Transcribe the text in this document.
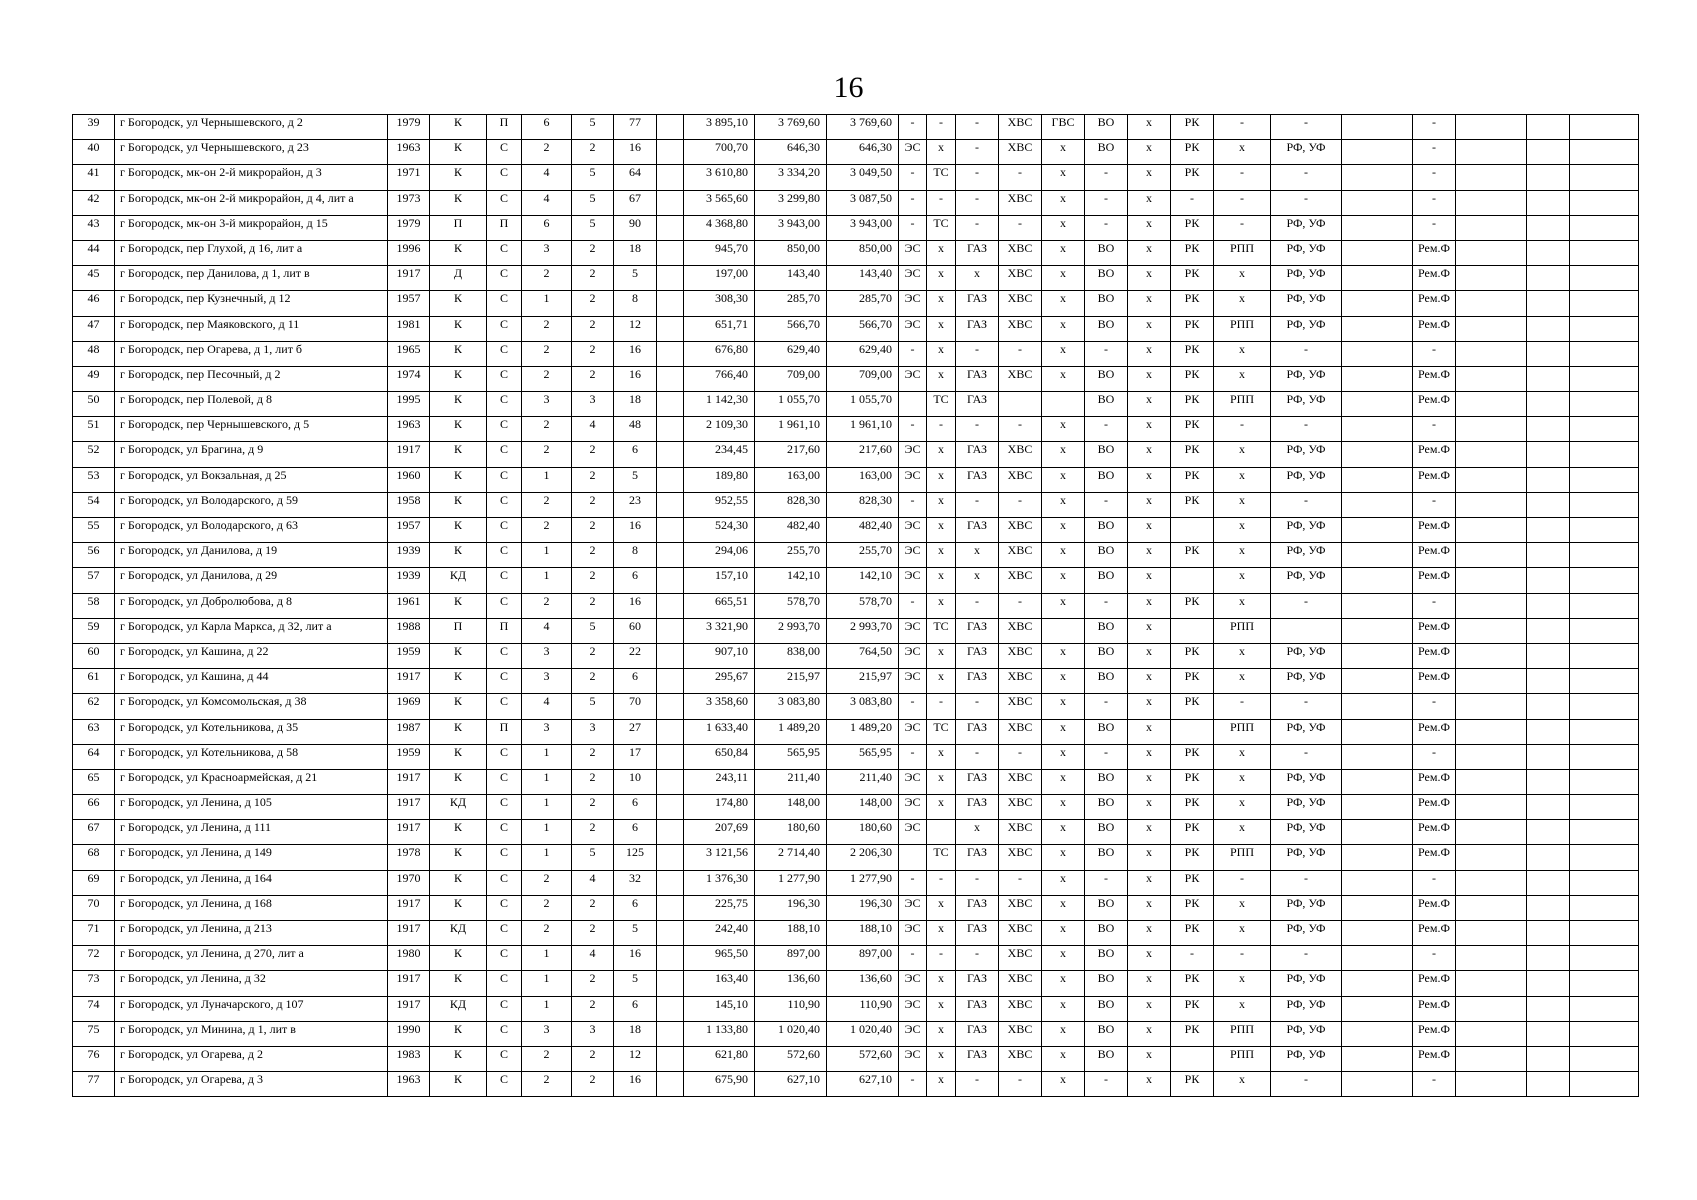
16
39	г Богородск, ул Чернышевского, д 2	1979	К	П	6	5	77		3 895,10	3 769,60	3 769,60	-	-	-	ХВС	ГВС	ВО	х	РК	-	-		-			
40	г Богородск, ул Чернышевского, д 23	1963	К	С	2	2	16		700,70	646,30	646,30	ЭС	х	-	ХВС	х	ВО	х	РК	х	РФ, УФ		-			
41	г Богородск, мк-он 2-й микрорайон, д 3	1971	К	С	4	5	64		3 610,80	3 334,20	3 049,50	-	ТС	-	-	х	-	х	РК	-	-		-			
42	г Богородск, мк-он 2-й микрорайон, д 4, лит а	1973	К	С	4	5	67		3 565,60	3 299,80	3 087,50	-	-	-	ХВС	х	-	х	-	-	-		-			
43	г Богородск, мк-он 3-й микрорайон, д 15	1979	П	П	6	5	90		4 368,80	3 943,00	3 943,00	-	ТС	-	-	х	-	х	РК	-	РФ, УФ		-			
44	г Богородск, пер Глухой, д 16, лит а	1996	К	С	3	2	18		945,70	850,00	850,00	ЭС	х	ГАЗ	ХВС	х	ВО	х	РК	РПП	РФ, УФ		Рем.Ф			
45	г Богородск, пер Данилова, д 1, лит в	1917	Д	С	2	2	5		197,00	143,40	143,40	ЭС	х	х	ХВС	х	ВО	х	РК	х	РФ, УФ		Рем.Ф			
46	г Богородск, пер Кузнечный, д 12	1957	К	С	1	2	8		308,30	285,70	285,70	ЭС	х	ГАЗ	ХВС	х	ВО	х	РК	х	РФ, УФ		Рем.Ф			
47	г Богородск, пер Маяковского, д 11	1981	К	С	2	2	12		651,71	566,70	566,70	ЭС	х	ГАЗ	ХВС	х	ВО	х	РК	РПП	РФ, УФ		Рем.Ф			
48	г Богородск, пер Огарева, д 1, лит б	1965	К	С	2	2	16		676,80	629,40	629,40	-	х	-	-	х	-	х	РК	х	-		-			
49	г Богородск, пер Песочный, д 2	1974	К	С	2	2	16		766,40	709,00	709,00	ЭС	х	ГАЗ	ХВС	х	ВО	х	РК	х	РФ, УФ		Рем.Ф			
50	г Богородск, пер Полевой, д 8	1995	К	С	3	3	18		1 142,30	1 055,70	1 055,70		ТС	ГАЗ			ВО	х	РК	РПП	РФ, УФ		Рем.Ф			
51	г Богородск, пер Чернышевского, д 5	1963	К	С	2	4	48		2 109,30	1 961,10	1 961,10	-	-	-	-	х	-	х	РК	-	-		-			
52	г Богородск, ул Брагина, д 9	1917	К	С	2	2	6		234,45	217,60	217,60	ЭС	х	ГАЗ	ХВС	х	ВО	х	РК	х	РФ, УФ		Рем.Ф			
53	г Богородск, ул Вокзальная, д 25	1960	К	С	1	2	5		189,80	163,00	163,00	ЭС	х	ГАЗ	ХВС	х	ВО	х	РК	х	РФ, УФ		Рем.Ф			
54	г Богородск, ул Володарского, д 59	1958	К	С	2	2	23		952,55	828,30	828,30	-	х	-	-	х	-	х	РК	х	-		-			
55	г Богородск, ул Володарского, д 63	1957	К	С	2	2	16		524,30	482,40	482,40	ЭС	х	ГАЗ	ХВС	х	ВО	х		х	РФ, УФ		Рем.Ф			
56	г Богородск, ул Данилова, д 19	1939	К	С	1	2	8		294,06	255,70	255,70	ЭС	х	х	ХВС	х	ВО	х	РК	х	РФ, УФ		Рем.Ф			
57	г Богородск, ул Данилова, д 29	1939	КД	С	1	2	6		157,10	142,10	142,10	ЭС	х	х	ХВС	х	ВО	х		х	РФ, УФ		Рем.Ф			
58	г Богородск, ул Добролюбова, д 8	1961	К	С	2	2	16		665,51	578,70	578,70	-	х	-	-	х	-	х	РК	х	-		-			
59	г Богородск, ул Карла Маркса, д 32, лит а	1988	П	П	4	5	60		3 321,90	2 993,70	2 993,70	ЭС	ТС	ГАЗ	ХВС		ВО	х		РПП			Рем.Ф			
60	г Богородск, ул Кашина, д 22	1959	К	С	3	2	22		907,10	838,00	764,50	ЭС	х	ГАЗ	ХВС	х	ВО	х	РК	х	РФ, УФ		Рем.Ф			
61	г Богородск, ул Кашина, д 44	1917	К	С	3	2	6		295,67	215,97	215,97	ЭС	х	ГАЗ	ХВС	х	ВО	х	РК	х	РФ, УФ		Рем.Ф			
62	г Богородск, ул Комсомольская, д 38	1969	К	С	4	5	70		3 358,60	3 083,80	3 083,80	-	-	-	ХВС	х	-	х	РК	-	-		-			
63	г Богородск, ул Котельникова, д 35	1987	К	П	3	3	27		1 633,40	1 489,20	1 489,20	ЭС	ТС	ГАЗ	ХВС	х	ВО	х		РПП	РФ, УФ		Рем.Ф			
64	г Богородск, ул Котельникова, д 58	1959	К	С	1	2	17		650,84	565,95	565,95	-	х	-	-	х	-	х	РК	х	-		-			
65	г Богородск, ул Красноармейская, д 21	1917	К	С	1	2	10		243,11	211,40	211,40	ЭС	х	ГАЗ	ХВС	х	ВО	х	РК	х	РФ, УФ		Рем.Ф			
66	г Богородск, ул Ленина, д 105	1917	КД	С	1	2	6		174,80	148,00	148,00	ЭС	х	ГАЗ	ХВС	х	ВО	х	РК	х	РФ, УФ		Рем.Ф			
67	г Богородск, ул Ленина, д 111	1917	К	С	1	2	6		207,69	180,60	180,60	ЭС		х	ХВС	х	ВО	х	РК	х	РФ, УФ		Рем.Ф			
68	г Богородск, ул Ленина, д 149	1978	К	С	1	5	125		3 121,56	2 714,40	2 206,30		ТС	ГАЗ	ХВС	х	ВО	х	РК	РПП	РФ, УФ		Рем.Ф			
69	г Богородск, ул Ленина, д 164	1970	К	С	2	4	32		1 376,30	1 277,90	1 277,90	-	-	-	-	х	-	х	РК	-	-		-			
70	г Богородск, ул Ленина, д 168	1917	К	С	2	2	6		225,75	196,30	196,30	ЭС	х	ГАЗ	ХВС	х	ВО	х	РК	х	РФ, УФ		Рем.Ф			
71	г Богородск, ул Ленина, д 213	1917	КД	С	2	2	5		242,40	188,10	188,10	ЭС	х	ГАЗ	ХВС	х	ВО	х	РК	х	РФ, УФ		Рем.Ф			
72	г Богородск, ул Ленина, д 270, лит а	1980	К	С	1	4	16		965,50	897,00	897,00	-	-	-	ХВС	х	ВО	х	-	-	-		-			
73	г Богородск, ул Ленина, д 32	1917	К	С	1	2	5		163,40	136,60	136,60	ЭС	х	ГАЗ	ХВС	х	ВО	х	РК	х	РФ, УФ		Рем.Ф			
74	г Богородск, ул Луначарского, д 107	1917	КД	С	1	2	6		145,10	110,90	110,90	ЭС	х	ГАЗ	ХВС	х	ВО	х	РК	х	РФ, УФ		Рем.Ф			
75	г Богородск, ул Минина, д 1, лит в	1990	К	С	3	3	18		1 133,80	1 020,40	1 020,40	ЭС	х	ГАЗ	ХВС	х	ВО	х	РК	РПП	РФ, УФ		Рем.Ф			
76	г Богородск, ул Огарева, д 2	1983	К	С	2	2	12		621,80	572,60	572,60	ЭС	х	ГАЗ	ХВС	х	ВО	х		РПП	РФ, УФ		Рем.Ф			
77	г Богородск, ул Огарева, д 3	1963	К	С	2	2	16		675,90	627,10	627,10	-	х	-	-	х	-	х	РК	х	-		-			
